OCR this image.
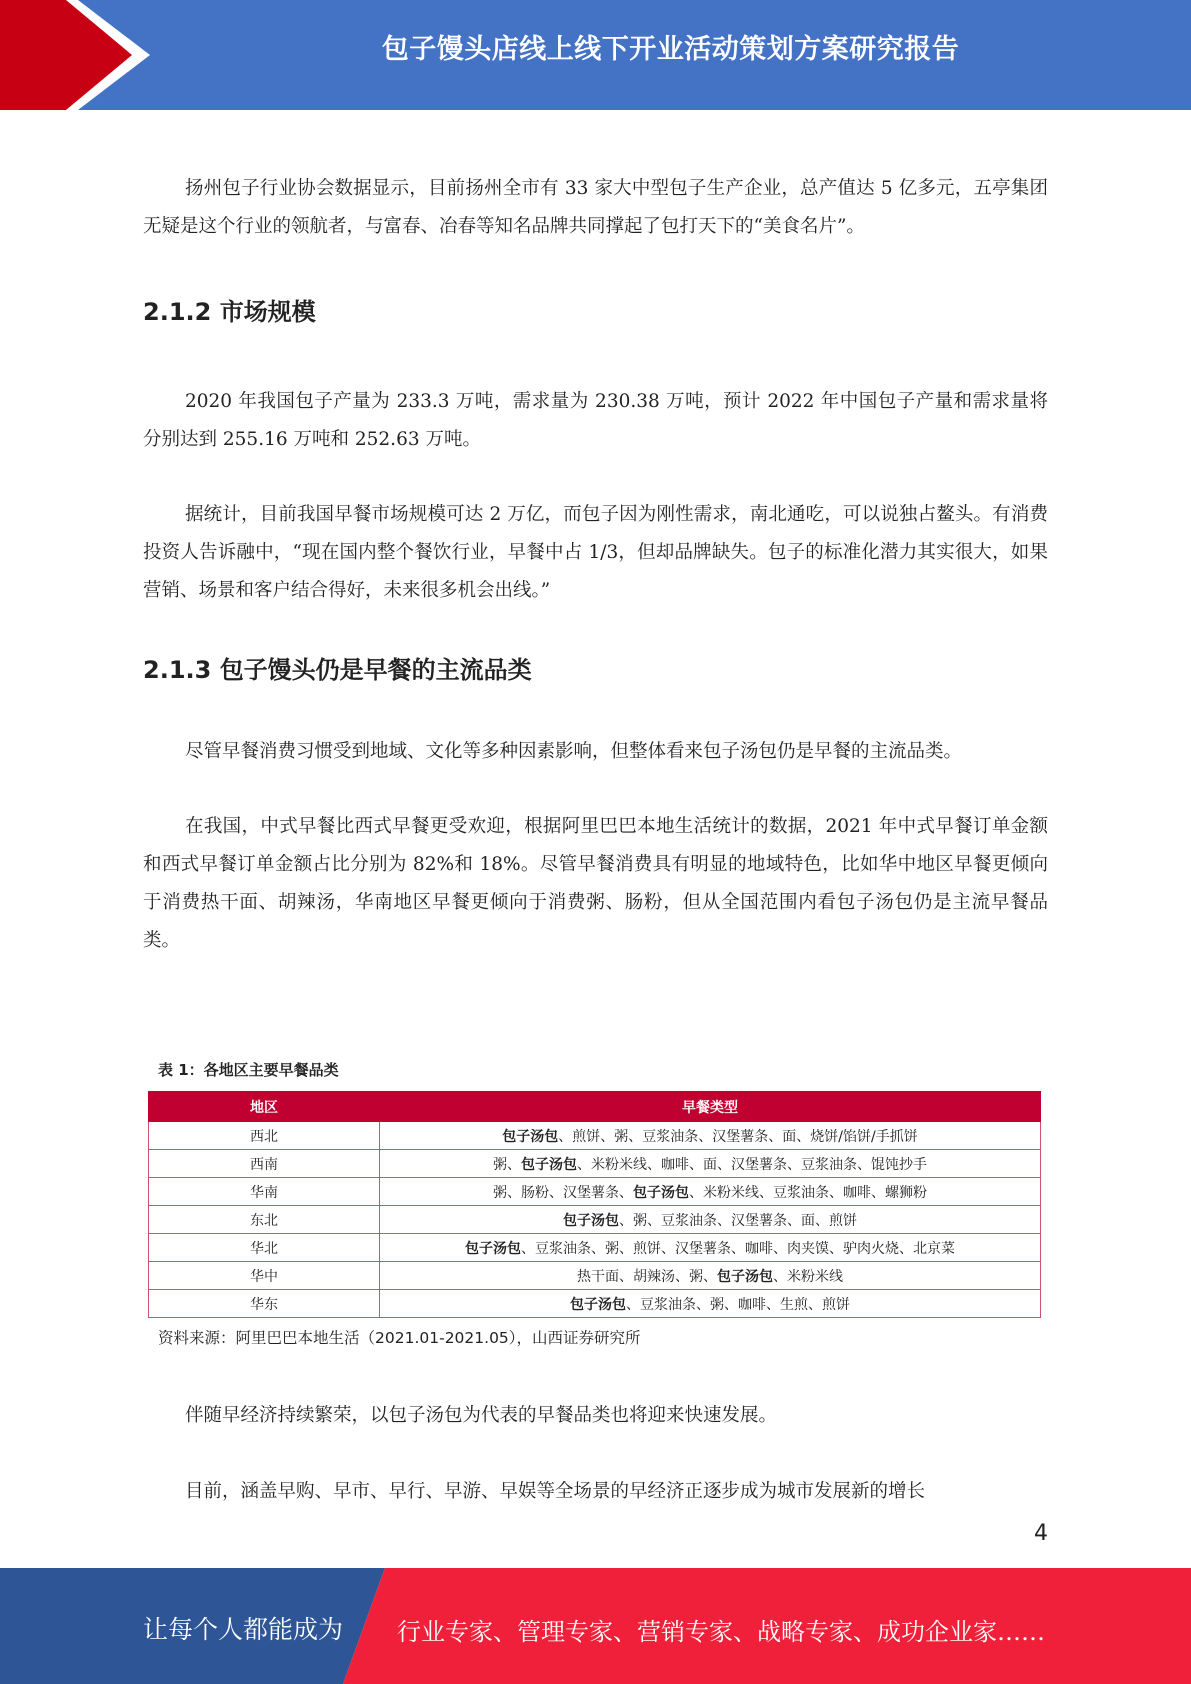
包子馒头店线上线下开业活动策划方案研究报告

扬州包子行业协会数据显示，目前扬州全市有 33 家大中型包子生产企业，总产值达 5 亿多元，五亭集团无疑是这个行业的领航者，与富春、冶春等知名品牌共同撑起了包打天下的“美食名片”。

2.1.2 市场规模

2020 年我国包子产量为 233.3 万吨，需求量为 230.38 万吨，预计 2022 年中国包子产量和需求量将分别达到 255.16 万吨和 252.63 万吨。

据统计，目前我国早餐市场规模可达 2 万亿，而包子因为刚性需求，南北通吃，可以说独占鳌头。有消费投资人告诉融中，“现在国内整个餐饮行业，早餐中占 1/3，但却品牌缺失。包子的标准化潜力其实很大，如果营销、场景和客户结合得好，未来很多机会出线。”

2.1.3 包子馒头仍是早餐的主流品类

尽管早餐消费习惯受到地域、文化等多种因素影响，但整体看来包子汤包仍是早餐的主流品类。

在我国，中式早餐比西式早餐更受欢迎，根据阿里巴巴本地生活统计的数据，2021 年中式早餐订单金额和西式早餐订单金额占比分别为 82%和 18%。尽管早餐消费具有明显的地域特色，比如华中地区早餐更倾向于消费热干面、胡辣汤，华南地区早餐更倾向于消费粥、肠粉，但从全国范围内看包子汤包仍是主流早餐品类。

表 1：各地区主要早餐品类
地区	早餐类型
西北	包子汤包、煎饼、粥、豆浆油条、汉堡薯条、面、烧饼/馅饼/手抓饼
西南	粥、包子汤包、米粉米线、咖啡、面、汉堡薯条、豆浆油条、馄饨抄手
华南	粥、肠粉、汉堡薯条、包子汤包、米粉米线、豆浆油条、咖啡、螺狮粉
东北	包子汤包、粥、豆浆油条、汉堡薯条、面、煎饼
华北	包子汤包、豆浆油条、粥、煎饼、汉堡薯条、咖啡、肉夹馍、驴肉火烧、北京菜
华中	热干面、胡辣汤、粥、包子汤包、米粉米线
华东	包子汤包、豆浆油条、粥、咖啡、生煎、煎饼
资料来源：阿里巴巴本地生活（2021.01-2021.05），山西证券研究所

伴随早经济持续繁荣，以包子汤包为代表的早餐品类也将迎来快速发展。

目前，涵盖早购、早市、早行、早游、早娱等全场景的早经济正逐步成为城市发展新的增长

4
让每个人都能成为 行业专家、管理专家、营销专家、战略专家、成功企业家……
